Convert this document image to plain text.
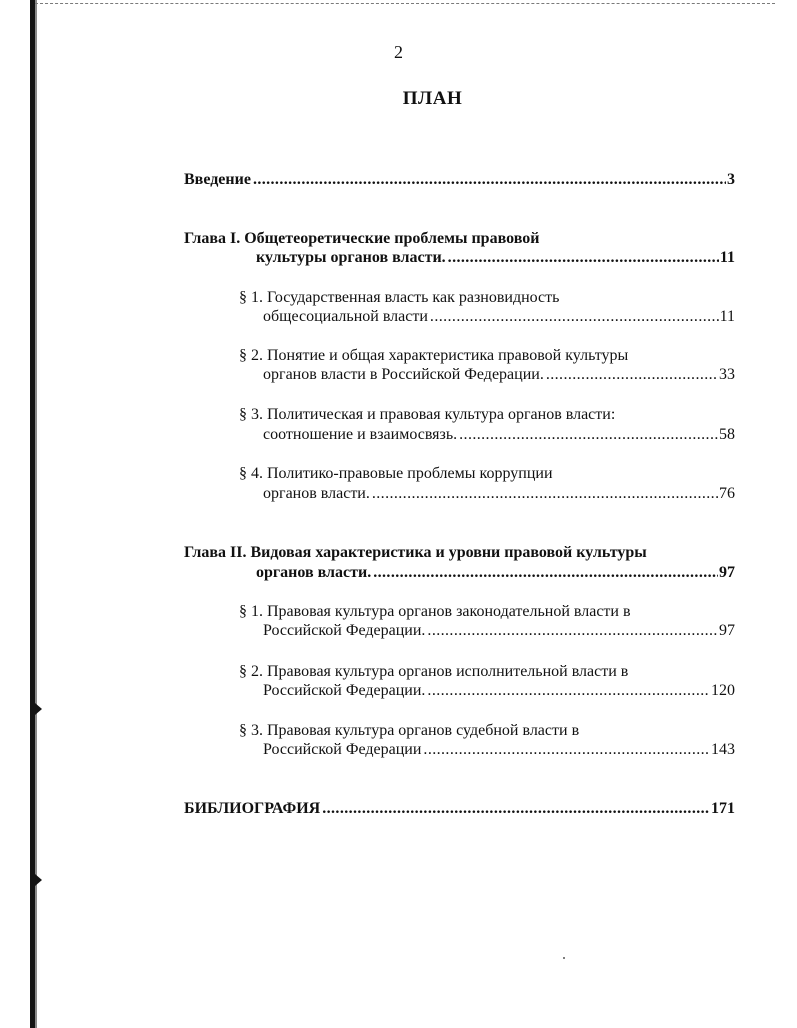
2
ПЛАН
Введение .....	3
Глава I. Общетеоретические проблемы правовой
культуры органов власти. .....	11
§ 1. Государственная власть как разновидность
общесоциальной власти .....	11
§ 2. Понятие и общая характеристика правовой культуры
органов власти в Российской Федерации. .....	33
§ 3. Политическая и правовая культура органов власти:
соотношение и взаимосвязь. .....	58
§ 4. Политико-правовые проблемы коррупции
органов власти. .....	76
Глава II. Видовая характеристика и уровни правовой культуры
органов власти. .....	97
§ 1. Правовая культура органов законодательной власти в
Российской Федерации. .....	97
§ 2. Правовая культура органов исполнительной власти в
Российской Федерации. .....	120
§ 3. Правовая культура органов судебной власти в
Российской Федерации .....	143
БИБЛИОГРАФИЯ .....	171
